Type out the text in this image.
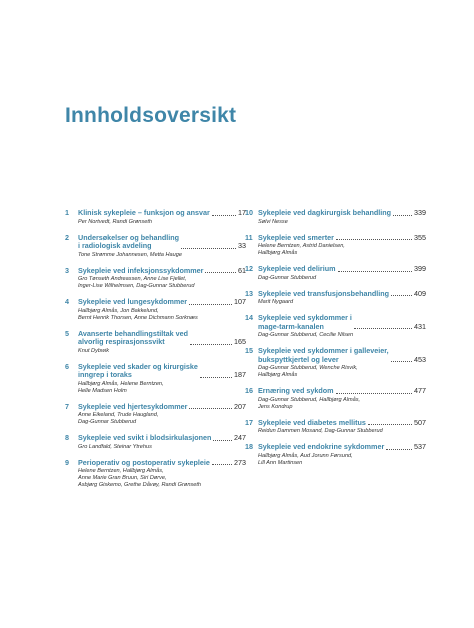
Innholdsoversikt
1 Klinisk sykepleie – funksjon og ansvar	17
Per Nortvedt, Randi Grønseth
2 Undersøkelser og behandling
i radiologisk avdeling	33
Tone Strømme Johannesen, Metta Hauge
3 Sykepleie ved infeksjonssykdommer	61
Gro Tønseth Andreassen, Anne Lise Fjellet,
Inger-Lise Wilhelmsen, Dag-Gunnar Stubberud
4 Sykepleie ved lungesykdommer	107
Hallbjørg Almås, Jon Bakkelund,
Bernt Henrik Thorsen, Anne Dichmann Sorknæs
5 Avanserte behandlingstiltak ved
alvorlig respirasjonssvikt	165
Knut Dybwik
6 Sykepleie ved skader og kirurgiske
inngrep i toraks	187
Hallbjørg Almås, Helene Berntzen,
Helle Madsen Holm
7 Sykepleie ved hjertesykdommer	207
Anne Eikeland, Trude Haugland,
Dag-Gunnar Stubberud
8 Sykepleie ved svikt i blodsirkulasjonen	247
Gro Landfald, Steinar Ytrehus
9 Perioperativ og postoperativ sykepleie	273
Helene Berntzen, Hallbjørg Almås,
Anne Marie Gran Bruun, Siri Dørve,
Asbjørg Giskemo, Grethe Dåvøy, Randi Grønseth
10 Sykepleie ved dagkirurgisk behandling	339
Sølvi Nesse
11 Sykepleie ved smerter	355
Helene Berntzen, Astrid Danielsen,
Hallbjørg Almås
12 Sykepleie ved delirium	399
Dag-Gunnar Stubberud
13 Sykepleie ved transfusjonsbehandling	409
Marit Nygaard
14 Sykepleie ved sykdommer i
mage-tarm-kanalen	431
Dag-Gunnar Stubberud, Cecilie Nilsen
15 Sykepleie ved sykdommer i galleveier,
bukspyttkjertel og lever	453
Dag-Gunnar Stubberud, Wenche Risvik,
Hallbjørg Almås
16 Ernæring ved sykdom	477
Dag-Gunnar Stubberud, Hallbjørg Almås,
Jens Kondrup
17 Sykepleie ved diabetes mellitus	507
Reidun Dammen Mosand, Dag-Gunnar Stubberud
18 Sykepleie ved endokrine sykdommer	537
Hallbjørg Almås, Aud Jorunn Førsund,
Lill Ann Martinsen
